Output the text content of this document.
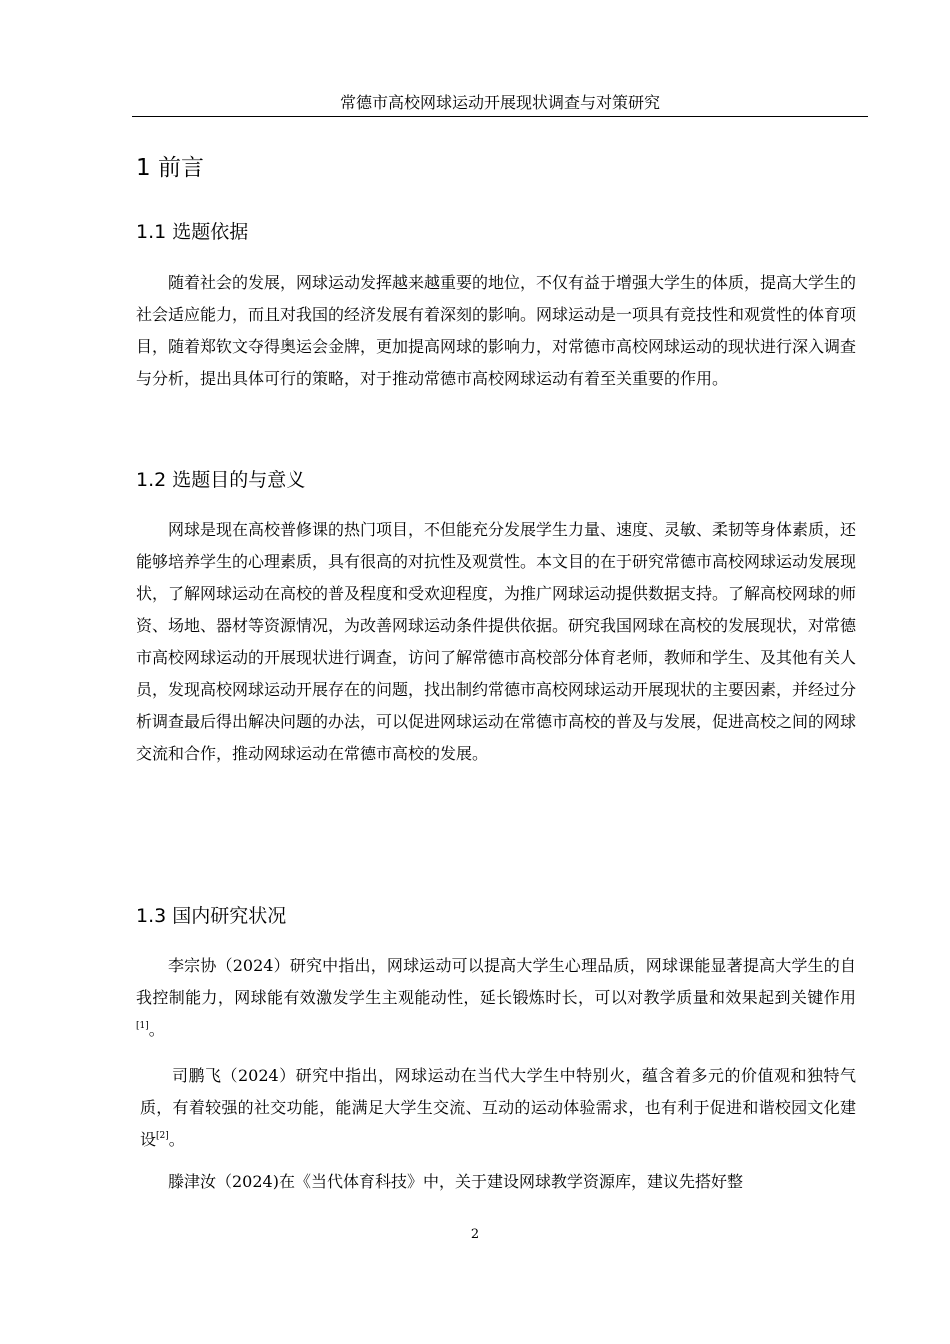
常德市高校网球运动开展现状调查与对策研究
1 前言
1.1 选题依据

随着社会的发展，网球运动发挥越来越重要的地位，不仅有益于增强大学生的体质，提高大学生的社会适应能力，而且对我国的经济发展有着深刻的影响。网球运动是一项具有竞技性和观赏性的体育项目，随着郑钦文夺得奥运会金牌，更加提高网球的影响力，对常德市高校网球运动的现状进行深入调查与分析，提出具体可行的策略，对于推动常德市高校网球运动有着至关重要的作用。

1.2 选题目的与意义

网球是现在高校普修课的热门项目，不但能充分发展学生力量、速度、灵敏、柔韧等身体素质，还能够培养学生的心理素质，具有很高的对抗性及观赏性。本文目的在于研究常德市高校网球运动发展现状，了解网球运动在高校的普及程度和受欢迎程度，为推广网球运动提供数据支持。了解高校网球的师资、场地、器材等资源情况，为改善网球运动条件提供依据。研究我国网球在高校的发展现状，对常德市高校网球运动的开展现状进行调查，访问了解常德市高校部分体育老师，教师和学生、及其他有关人员，发现高校网球运动开展存在的问题，找出制约常德市高校网球运动开展现状的主要因素，并经过分析调查最后得出解决问题的办法，可以促进网球运动在常德市高校的普及与发展，促进高校之间的网球交流和合作，推动网球运动在常德市高校的发展。

1.3 国内研究状况

李宗协（2024）研究中指出，网球运动可以提高大学生心理品质，网球课能显著提高大学生的自我控制能力，网球能有效激发学生主观能动性，延长锻炼时长，可以对教学质量和效果起到关键作用[1]。

司鹏飞（2024）研究中指出，网球运动在当代大学生中特别火，蕴含着多元的价值观和独特气质，有着较强的社交功能，能满足大学生交流、互动的运动体验需求，也有利于促进和谐校园文化建设[2]。

滕津汝（2024)在《当代体育科技》中，关于建设网球教学资源库，建议先搭好整

2
